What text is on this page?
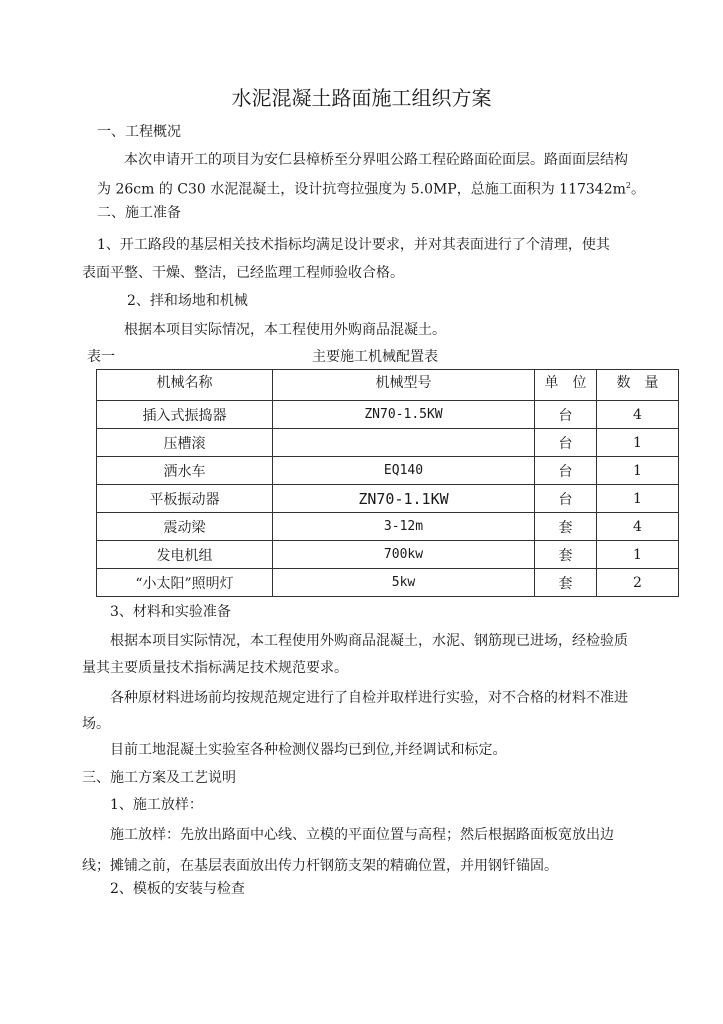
水泥混凝土路面施工组织方案
一、工程概况
本次申请开工的项目为安仁县樟桥至分界咀公路工程砼路面砼面层。路面面层结构
为 26cm 的 C30 水泥混凝土，设计抗弯拉强度为 5.0MP，总施工面积为 $117342m^2$。
二、施工准备
1、开工路段的基层相关技术指标均满足设计要求，并对其表面进行了个清理，使其
表面平整、干燥、整洁，已经监理工程师验收合格。
2、拌和场地和机械
根据本项目实际情况，本工程使用外购商品混凝土。
表一	主要施工机械配置表
机械名称	机械型号	单　位	数　量
插入式振捣器	ZN70-1.5KW	台	4
压槽滚		台	1
洒水车	EQ140	台	1
平板振动器	ZN70-1.1KW	台	1
震动梁	3-12m	套	4
发电机组	700kw	套	1
“小太阳”照明灯	5kw	套	2
3、材料和实验准备
根据本项目实际情况，本工程使用外购商品混凝土，水泥、钢筋现已进场，经检验质
量其主要质量技术指标满足技术规范要求。
各种原材料进场前均按规范规定进行了自检并取样进行实验，对不合格的材料不准进
场。
目前工地混凝土实验室各种检测仪器均已到位,并经调试和标定。
三、施工方案及工艺说明
1、施工放样：
施工放样：先放出路面中心线、立模的平面位置与高程；然后根据路面板宽放出边
线；摊铺之前，在基层表面放出传力杆钢筋支架的精确位置，并用钢钎锚固。
2、模板的安装与检查
